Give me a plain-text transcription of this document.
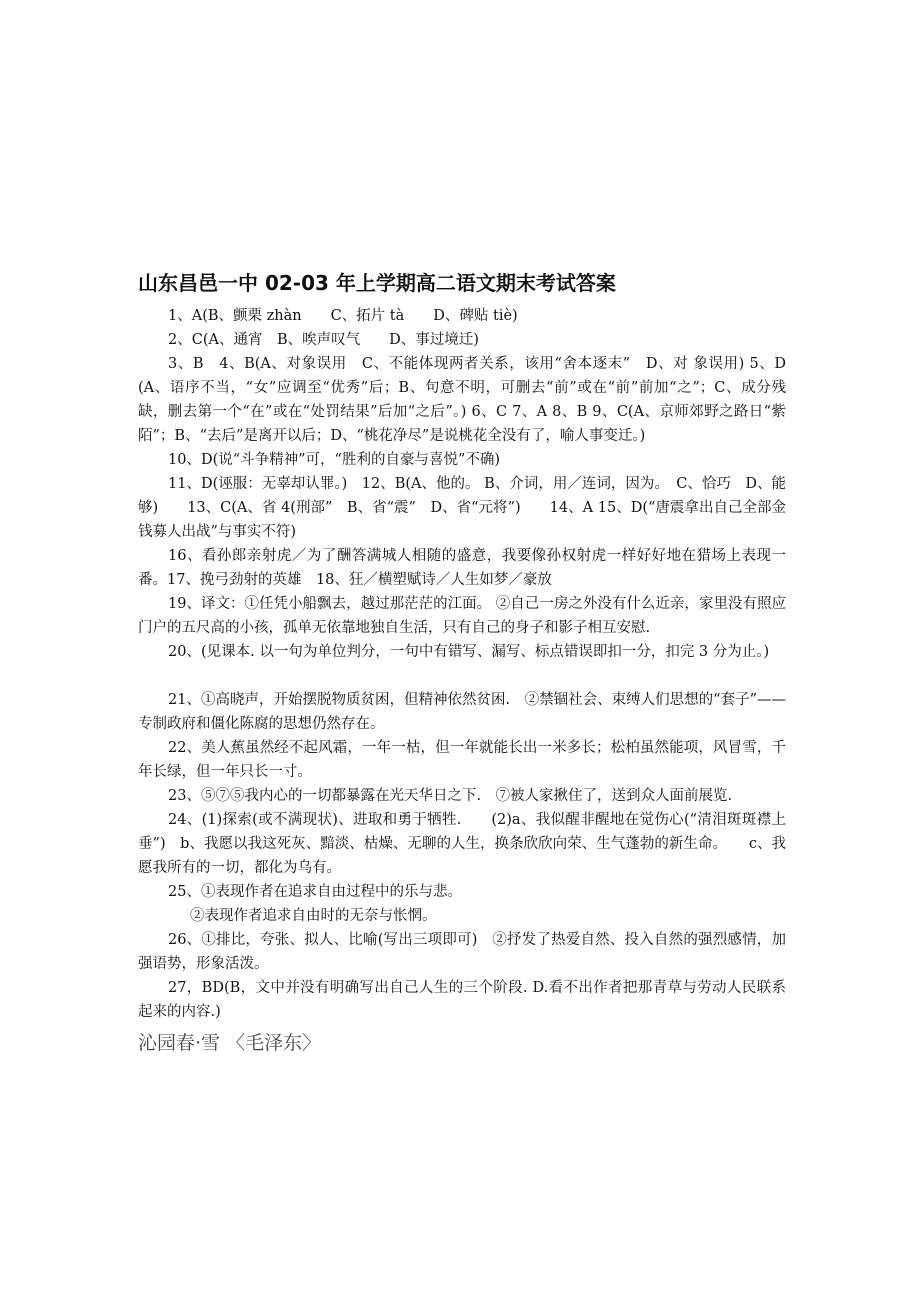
山东昌邑一中 02-03 年上学期高二语文期末考试答案

1、A(B、颤栗 zhàn　　C、拓片 tà　　D、碑贴 tiè)

2、C(A、通宵　B、唉声叹气　　D、事过境迁)

3、B　4、B(A、对象误用　C、不能体现两者关系，该用“舍本逐末”　D、对 象误用) 5、D(A、语序不当，“女”应调至“优秀”后；B、句意不明，可删去“前”或在“前”前加“之”；C、成分残缺，删去第一个“在”或在“处罚结果”后加“之后”。) 6、C 7、A 8、B 9、C(A、京师郊野之路日“紫陌”；B、“去后”是离开以后；D、“桃花净尽”是说桃花全没有了，喻人事变迁。)

10、D(说“斗争精神”可，“胜利的自豪与喜悦”不确)

11、D(诬服：无辜却认罪。)　12、B(A、他的。 B、介词，用／连词，因为。　C、恰巧　D、能够)　　13、C(A、省 4(刑部”　B、省“震”　D、省“元将”)　　14、A 15、D(“唐震拿出自己全部金钱募人出战”与事实不符)

16、看孙郎亲射虎／为了酬答满城人相随的盛意，我要像孙权射虎一样好好地在猎场上表现一番。17、挽弓劲射的英雄　18、狂／横塑赋诗／人生如梦／豪放

19、译文：①任凭小船飘去，越过那茫茫的江面。 ②自己一房之外没有什么近亲，家里没有照应门户的五尺高的小孩，孤单无依靠地独自生活，只有自己的身子和影子相互安慰.

20、(见课本. 以一句为单位判分，一句中有错写、漏写、标点错误即扣一分，扣完 3 分为止。)

21、①高晓声，开始摆脱物质贫困，但精神依然贫困.　②禁锢社会、束缚人们思想的“套子”——专制政府和僵化陈腐的思想仍然存在。

22、美人蕉虽然经不起风霜，一年一枯，但一年就能长出一米多长；松柏虽然能项，风冒雪，千年长绿，但一年只长一寸。

23、⑤⑦⑤我内心的一切都暴露在光天华日之下.　⑦被人家揪住了，送到众人面前展览.

24、(1)探索(或不满现状)、进取和勇于牺牲.　　(2)a、我似醒非醒地在觉伤心(“清泪斑斑襟上垂”)　b、我愿以我这死灰、黯淡、枯燥、无聊的人生，换条欣欣向荣、生气蓬勃的新生命。　　c、我愿我所有的一切，都化为乌有。

25、①表现作者在追求自由过程中的乐与悲。

②表现作者追求自由时的无奈与怅惘。

26、①排比，夸张、拟人、比喻(写出三项即可)　②抒发了热爱自然、投入自然的强烈感情，加强语势，形象活泼。

27，BD(B，文中并没有明确写出自己人生的三个阶段. D.看不出作者把那青草与劳动人民联系起来的内容.)

沁园春·雪 〈毛泽东〉
